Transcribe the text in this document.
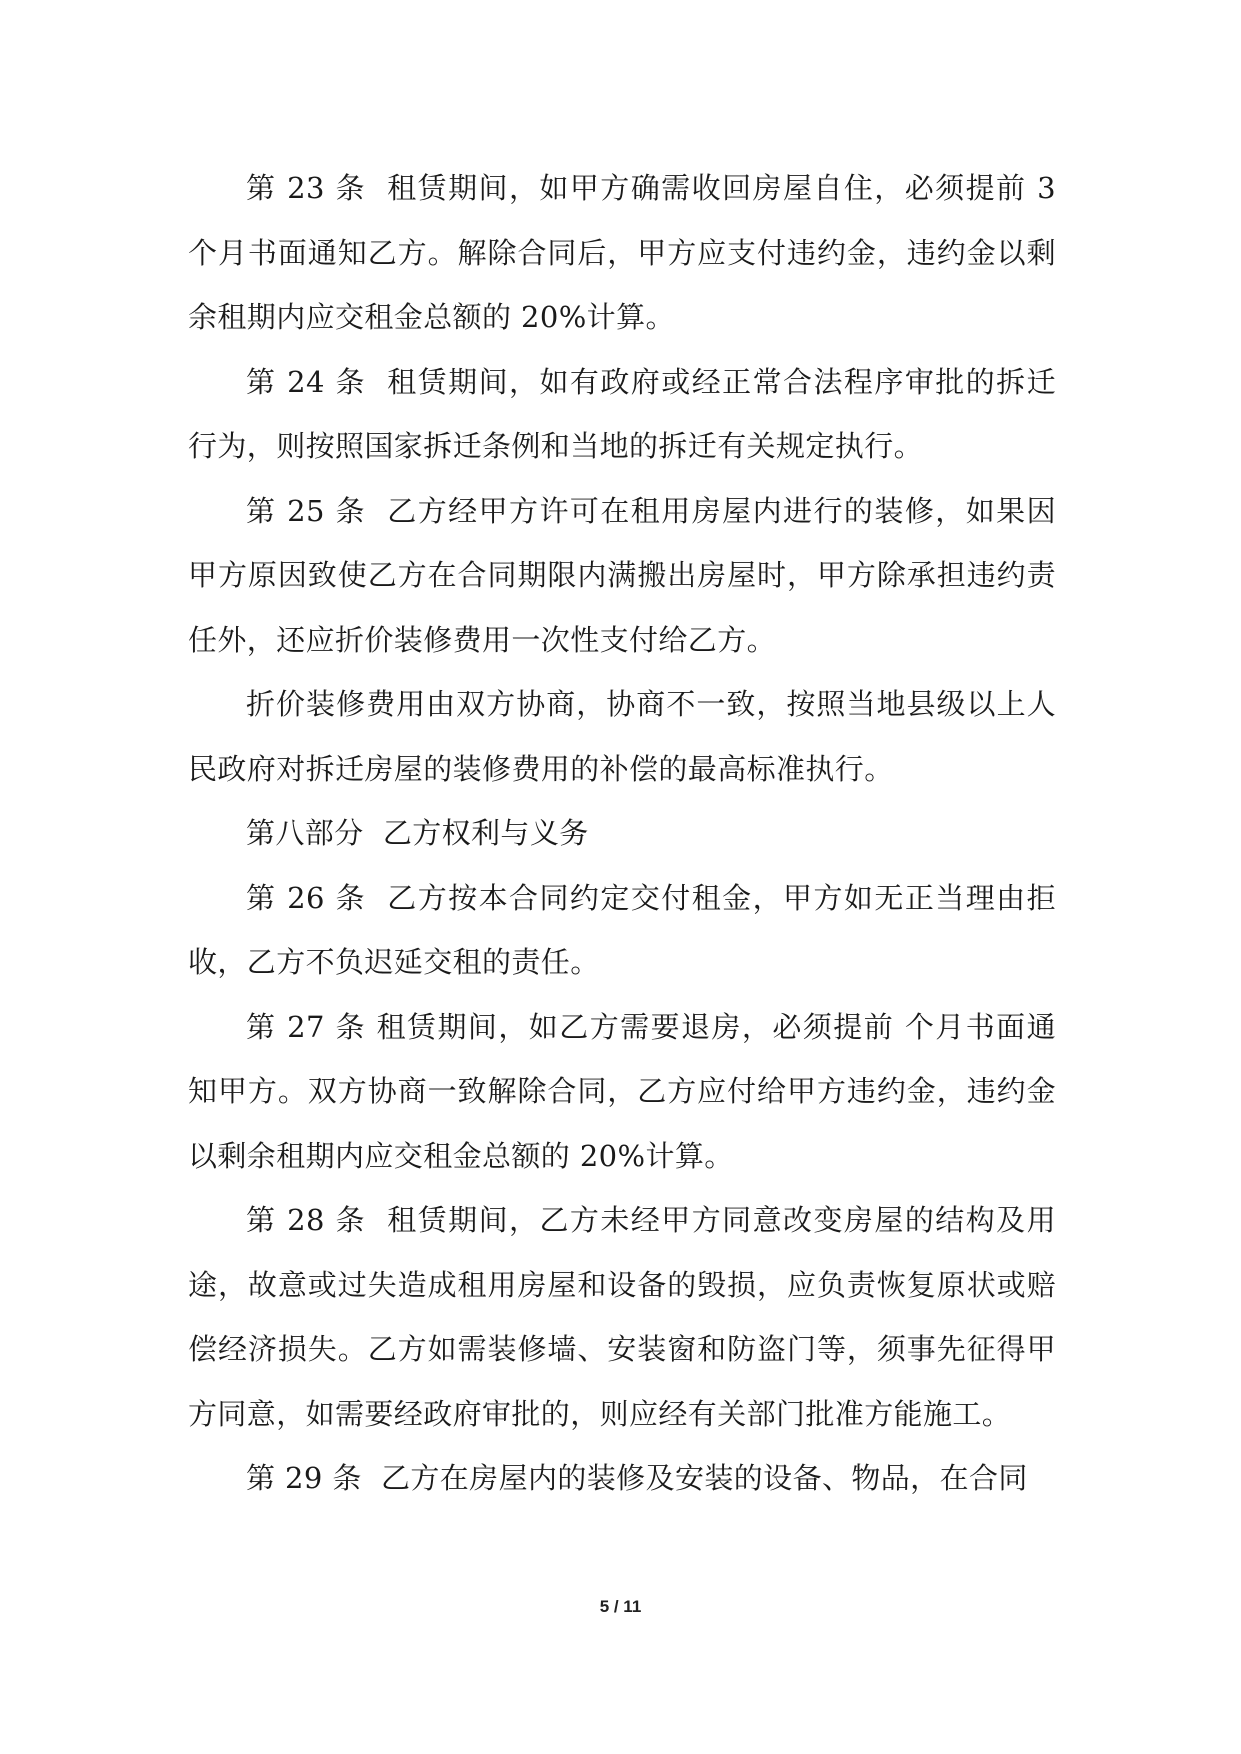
第 23 条  租赁期间，如甲方确需收回房屋自住，必须提前 3 个月书面通知乙方。解除合同后，甲方应支付违约金，违约金以剩余租期内应交租金总额的 20%计算。

第 24 条  租赁期间，如有政府或经正常合法程序审批的拆迁行为，则按照国家拆迁条例和当地的拆迁有关规定执行。

第 25 条  乙方经甲方许可在租用房屋内进行的装修，如果因甲方原因致使乙方在合同期限内满搬出房屋时，甲方除承担违约责任外，还应折价装修费用一次性支付给乙方。

折价装修费用由双方协商，协商不一致，按照当地县级以上人民政府对拆迁房屋的装修费用的补偿的最高标准执行。

第八部分  乙方权利与义务

第 26 条  乙方按本合同约定交付租金，甲方如无正当理由拒收，乙方不负迟延交租的责任。

第 27 条 租赁期间，如乙方需要退房，必须提前 个月书面通知甲方。双方协商一致解除合同，乙方应付给甲方违约金，违约金以剩余租期内应交租金总额的 20%计算。

第 28 条  租赁期间，乙方未经甲方同意改变房屋的结构及用途，故意或过失造成租用房屋和设备的毁损，应负责恢复原状或赔偿经济损失。乙方如需装修墙、安装窗和防盗门等，须事先征得甲方同意，如需要经政府审批的，则应经有关部门批准方能施工。

第 29 条  乙方在房屋内的装修及安装的设备、物品，在合同

5 / 11
